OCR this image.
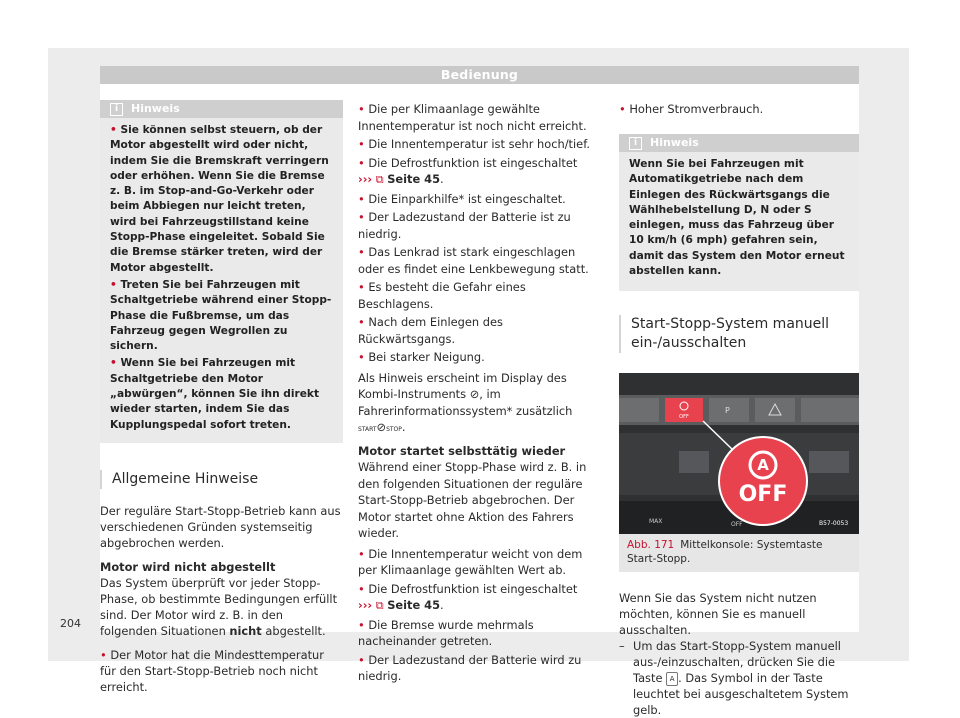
Bedienung
i	Hinweis

• Sie können selbst steuern, ob der Motor abgestellt wird oder nicht, indem Sie die Bremskraft verringern oder erhöhen. Wenn Sie die Bremse z. B. im Stop-and-Go-Verkehr oder beim Abbiegen nur leicht treten, wird bei Fahrzeugstillstand keine Stopp-Phase eingeleitet. Sobald Sie die Bremse stärker treten, wird der Motor abgestellt.

• Treten Sie bei Fahrzeugen mit Schaltgetriebe während einer Stopp-Phase die Fußbremse, um das Fahrzeug gegen Wegrollen zu sichern.

• Wenn Sie bei Fahrzeugen mit Schaltgetriebe den Motor „abwürgen“, können Sie ihn direkt wieder starten, indem Sie das Kupplungspedal sofort treten.

Allgemeine Hinweise

Der reguläre Start-Stopp-Betrieb kann aus verschiedenen Gründen systemseitig abgebrochen werden.

Motor wird nicht abgestellt

Das System überprüft vor jeder Stopp-Phase, ob bestimmte Bedingungen erfüllt sind. Der Motor wird z. B. in den folgenden Situationen nicht abgestellt.

• Der Motor hat die Mindesttemperatur für den Start-Stopp-Betrieb noch nicht erreicht.

• Die per Klimaanlage gewählte Innentemperatur ist noch nicht erreicht.

• Die Innentemperatur ist sehr hoch/tief.

• Die Defrostfunktion ist eingeschaltet
››› ⧉ Seite 45.

• Die Einparkhilfe* ist eingeschaltet.

• Der Ladezustand der Batterie ist zu niedrig.

• Das Lenkrad ist stark eingeschlagen oder es findet eine Lenkbewegung statt.

• Es besteht die Gefahr eines Beschlagens.

• Nach dem Einlegen des Rückwärtsgangs.

• Bei starker Neigung.

Als Hinweis erscheint im Display des Kombi-Instruments ⊘, im Fahrerinformationssystem* zusätzlich START⊘STOP.

Motor startet selbsttätig wieder

Während einer Stopp-Phase wird z. B. in den folgenden Situationen der reguläre Start-Stopp-Betrieb abgebrochen. Der Motor startet ohne Aktion des Fahrers wieder.

• Die Innentemperatur weicht von dem per Klimaanlage gewählten Wert ab.

• Die Defrostfunktion ist eingeschaltet
››› ⧉ Seite 45.

• Die Bremse wurde mehrmals nacheinander getreten.

• Der Ladezustand der Batterie wird zu niedrig.

• Hoher Stromverbrauch.

i	Hinweis

Wenn Sie bei Fahrzeugen mit Automatikgetriebe nach dem Einlegen des Rückwärtsgangs die Wählhebelstellung D, N oder S einlegen, muss das Fahrzeug über 10 km/h (6 mph) gefahren sein, damit das System den Motor erneut abstellen kann.

Start-Stopp-System manuell ein-/ausschalten

OFF
P
MAX	OFF
A
OFF
B57-0053
Abb. 171 Mittelkonsole: Systemtaste Start-Stopp.

Wenn Sie das System nicht nutzen möchten, können Sie es manuell ausschalten.

– Um das Start-Stopp-System manuell aus-/einzuschalten, drücken Sie die Taste A . Das Symbol in der Taste leuchtet bei ausgeschaltetem System gelb.
204
